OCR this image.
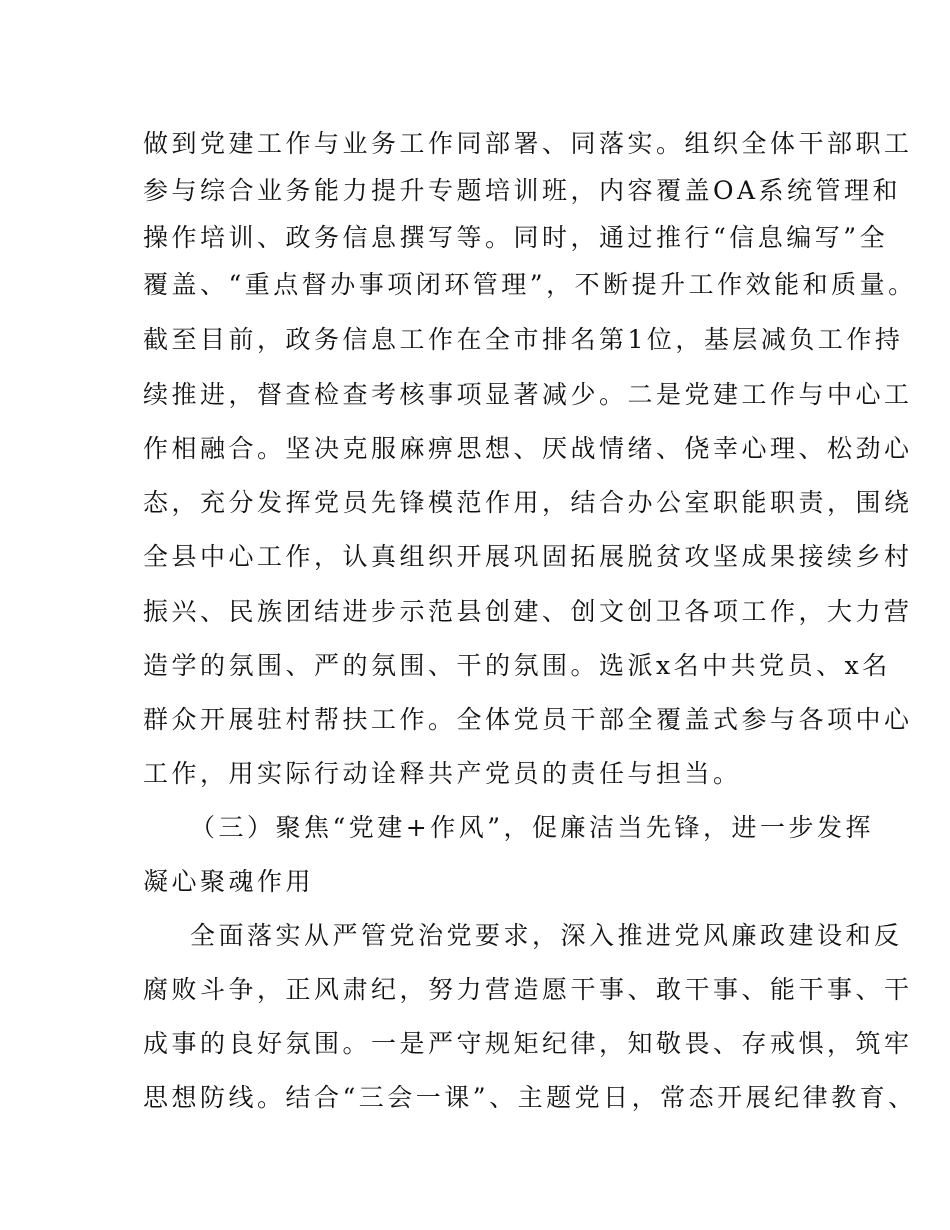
做到党建工作与业务工作同部署、同落实。组织全体干部职工
参与综合业务能力提升专题培训班，内容覆盖OA系统管理和
操作培训、政务信息撰写等。同时，通过推行“信息编写”全
覆盖、“重点督办事项闭环管理”，不断提升工作效能和质量。
截至目前，政务信息工作在全市排名第1位，基层减负工作持
续推进，督查检查考核事项显著减少。二是党建工作与中心工
作相融合。坚决克服麻痹思想、厌战情绪、侥幸心理、松劲心
态，充分发挥党员先锋模范作用，结合办公室职能职责，围绕
全县中心工作，认真组织开展巩固拓展脱贫攻坚成果接续乡村
振兴、民族团结进步示范县创建、创文创卫各项工作，大力营
造学的氛围、严的氛围、干的氛围。选派x名中共党员、x名
群众开展驻村帮扶工作。全体党员干部全覆盖式参与各项中心
工作，用实际行动诠释共产党员的责任与担当。
（三）聚焦“党建+作风”，促廉洁当先锋，进一步发挥
凝心聚魂作用
全面落实从严管党治党要求，深入推进党风廉政建设和反
腐败斗争，正风肃纪，努力营造愿干事、敢干事、能干事、干
成事的良好氛围。一是严守规矩纪律，知敬畏、存戒惧，筑牢
思想防线。结合“三会一课”、主题党日，常态开展纪律教育、
